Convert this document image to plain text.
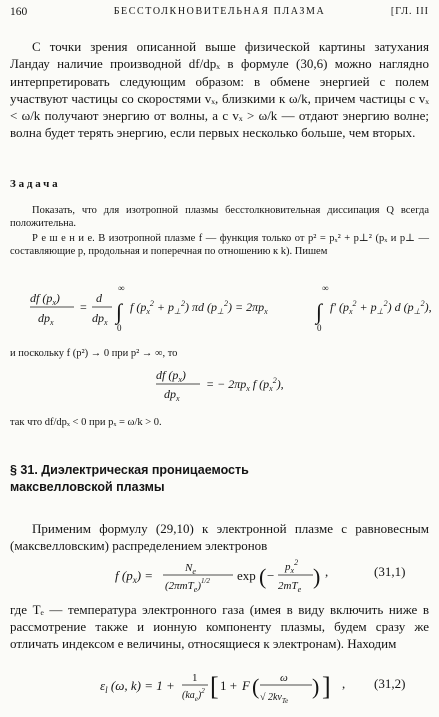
160	БЕССТОЛКНОВИТЕЛЬНАЯ ПЛАЗМА	[ГЛ. III
С точки зрения описанной выше физической картины затухания Ландау наличие производной df/dpₓ в формуле (30,6) можно наглядно интерпретировать следующим образом: в обмене энергией с полем участвуют частицы со скоростями vₓ, близкими к ω/k, причем частицы с vₓ < ω/k получают энергию от волны, а с vₓ > ω/k — отдают энергию волне; волна будет терять энергию, если первых несколько больше, чем вторых.
Задача
Показать, что для изотропной плазмы бесстолкновительная диссипация Q всегда положительна.
Р е ш е н и е. В изотропной плазме f — функция только от p² = pₓ² + p⊥² (pₓ и p⊥ — составляющие p, продольная и поперечная по отношению к k). Пишем
df $(p_x)$
$dp_x$
=
d
$dp_x$
∞
∫
0
f $(p_x^2 + p_\perp^2)$ πd $(p_\perp^2) = 2\pi p_x$
∞
∫
0
f′ $(p_x^2 + p_\perp^2)$ d $(p_\perp^2)$,
и поскольку f (p²) → 0 при p² → ∞, то
df $(p_x)$
$dp_x$
= − $2\pi p_x$ f $(p_x^2)$,
так что df/dpₓ < 0 при pₓ = ω/k > 0.
§ 31. Диэлектрическая проницаемость максвелловской плазмы
Применим формулу (29,10) к электронной плазме с равновесным (максвелловским) распределением электронов
f $(p_x)$ =	$N_e$
$(2\pi mT_e)^{1/2}$ exp ( −
$p_x^2$
$2mT_e$
) ,	(31,1)
где Tₑ — температура электронного газа (имея в виду включить ниже в рассмотрение также и ионную компоненту плазмы, будем сразу же отличать индексом e величины, относящиеся к электронам). Находим
$\varepsilon_l$ (ω, k) = 1 + 1
$(ka_e)^2$ [ 1 + F ( ω
√ $2kv_{Te}$
) ] , (31,2)
